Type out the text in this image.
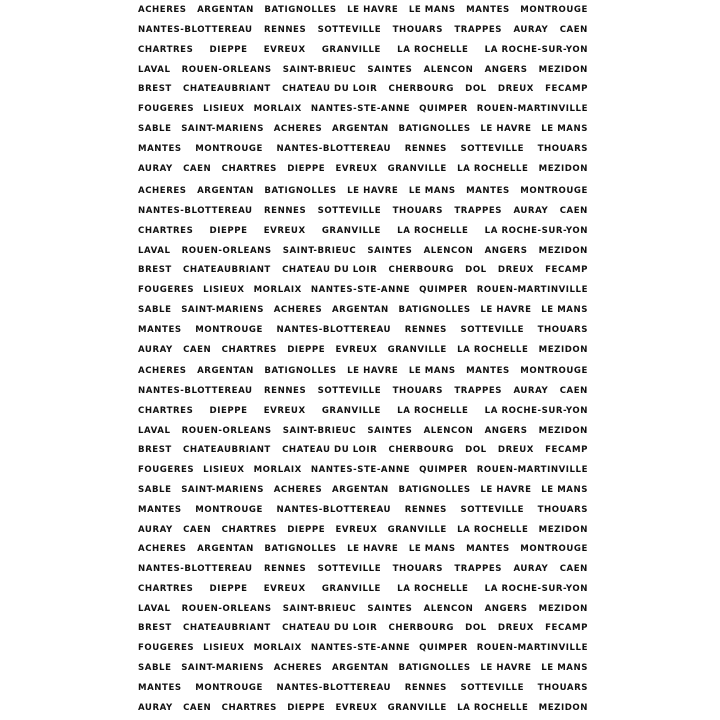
ACHERES ARGENTAN BATIGNOLLES LE HAVRE LE MANS MANTES MONTROUGE
NANTES-BLOTTEREAU RENNES SOTTEVILLE THOUARS TRAPPES AURAY CAEN
CHARTRES DIEPPE EVREUX GRANVILLE LA ROCHELLE LA ROCHE-SUR-YON
LAVAL ROUEN-ORLEANS SAINT-BRIEUC SAINTES ALENCON ANGERS MEZIDON
BREST CHATEAUBRIANT CHATEAU DU LOIR CHERBOURG DOL DREUX FECAMP
FOUGERES LISIEUX MORLAIX NANTES-STE-ANNE QUIMPER ROUEN-MARTINVILLE
SABLE SAINT-MARIENS ACHERES ARGENTAN BATIGNOLLES LE HAVRE LE MANS
MANTES MONTROUGE NANTES-BLOTTEREAU RENNES SOTTEVILLE THOUARS
AURAY CAEN CHARTRES DIEPPE EVREUX GRANVILLE LA ROCHELLE MEZIDON
ACHERES ARGENTAN BATIGNOLLES LE HAVRE LE MANS MANTES MONTROUGE
NANTES-BLOTTEREAU RENNES SOTTEVILLE THOUARS TRAPPES AURAY CAEN
CHARTRES DIEPPE EVREUX GRANVILLE LA ROCHELLE LA ROCHE-SUR-YON
LAVAL ROUEN-ORLEANS SAINT-BRIEUC SAINTES ALENCON ANGERS MEZIDON
BREST CHATEAUBRIANT CHATEAU DU LOIR CHERBOURG DOL DREUX FECAMP
FOUGERES LISIEUX MORLAIX NANTES-STE-ANNE QUIMPER ROUEN-MARTINVILLE
SABLE SAINT-MARIENS ACHERES ARGENTAN BATIGNOLLES LE HAVRE LE MANS
MANTES MONTROUGE NANTES-BLOTTEREAU RENNES SOTTEVILLE THOUARS
AURAY CAEN CHARTRES DIEPPE EVREUX GRANVILLE LA ROCHELLE MEZIDON
ACHERES ARGENTAN BATIGNOLLES LE HAVRE LE MANS MANTES MONTROUGE
NANTES-BLOTTEREAU RENNES SOTTEVILLE THOUARS TRAPPES AURAY CAEN
CHARTRES DIEPPE EVREUX GRANVILLE LA ROCHELLE LA ROCHE-SUR-YON
LAVAL ROUEN-ORLEANS SAINT-BRIEUC SAINTES ALENCON ANGERS MEZIDON
BREST CHATEAUBRIANT CHATEAU DU LOIR CHERBOURG DOL DREUX FECAMP
FOUGERES LISIEUX MORLAIX NANTES-STE-ANNE QUIMPER ROUEN-MARTINVILLE
SABLE SAINT-MARIENS ACHERES ARGENTAN BATIGNOLLES LE HAVRE LE MANS
MANTES MONTROUGE NANTES-BLOTTEREAU RENNES SOTTEVILLE THOUARS
AURAY CAEN CHARTRES DIEPPE EVREUX GRANVILLE LA ROCHELLE MEZIDON
ACHERES ARGENTAN BATIGNOLLES LE HAVRE LE MANS MANTES MONTROUGE
NANTES-BLOTTEREAU RENNES SOTTEVILLE THOUARS TRAPPES AURAY CAEN
CHARTRES DIEPPE EVREUX GRANVILLE LA ROCHELLE LA ROCHE-SUR-YON
LAVAL ROUEN-ORLEANS SAINT-BRIEUC SAINTES ALENCON ANGERS MEZIDON
BREST CHATEAUBRIANT CHATEAU DU LOIR CHERBOURG DOL DREUX FECAMP
FOUGERES LISIEUX MORLAIX NANTES-STE-ANNE QUIMPER ROUEN-MARTINVILLE
SABLE SAINT-MARIENS ACHERES ARGENTAN BATIGNOLLES LE HAVRE LE MANS
MANTES MONTROUGE NANTES-BLOTTEREAU RENNES SOTTEVILLE THOUARS
AURAY CAEN CHARTRES DIEPPE EVREUX GRANVILLE LA ROCHELLE MEZIDON
